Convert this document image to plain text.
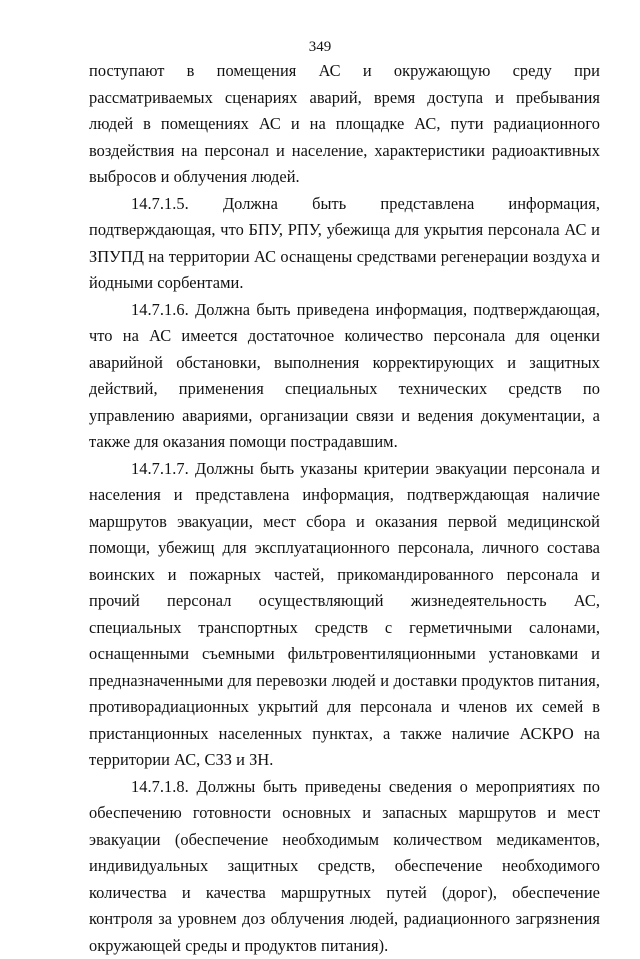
349

поступают в помещения АС и окружающую среду при рассматриваемых сценариях аварий, время доступа и пребывания людей в помещениях АС и на площадке АС, пути радиационного воздействия на персонал и население, характеристики радиоактивных выбросов и облучения людей.

14.7.1.5. Должна быть представлена информация, подтверждающая, что БПУ, РПУ, убежища для укрытия персонала АС и ЗПУПД на территории АС оснащены средствами регенерации воздуха и йодными сорбентами.

14.7.1.6. Должна быть приведена информация, подтверждающая, что на АС имеется достаточное количество персонала для оценки аварийной обстановки, выполнения корректирующих и защитных действий, применения специальных технических средств по управлению авариями, организации связи и ведения документации, а также для оказания помощи пострадавшим.

14.7.1.7. Должны быть указаны критерии эвакуации персонала и населения и представлена информация, подтверждающая наличие маршрутов эвакуации, мест сбора и оказания первой медицинской помощи, убежищ для эксплуатационного персонала, личного состава воинских и пожарных частей, прикомандированного персонала и прочий персонал осуществляющий жизнедеятельность АС, специальных транспортных средств с герметичными салонами, оснащенными съемными фильтровентиляционными установками и предназначенными для перевозки людей и доставки продуктов питания, противорадиационных укрытий для персонала и членов их семей в пристанционных населенных пунктах, а также наличие АСКРО на территории АС, СЗЗ и ЗН.

14.7.1.8. Должны быть приведены сведения о мероприятиях по обеспечению готовности основных и запасных маршрутов и мест эвакуации (обеспечение необходимым количеством медикаментов, индивидуальных защитных средств, обеспечение необходимого количества и качества маршрутных путей (дорог), обеспечение контроля за уровнем доз облучения людей, радиационного загрязнения окружающей среды и продуктов питания).
